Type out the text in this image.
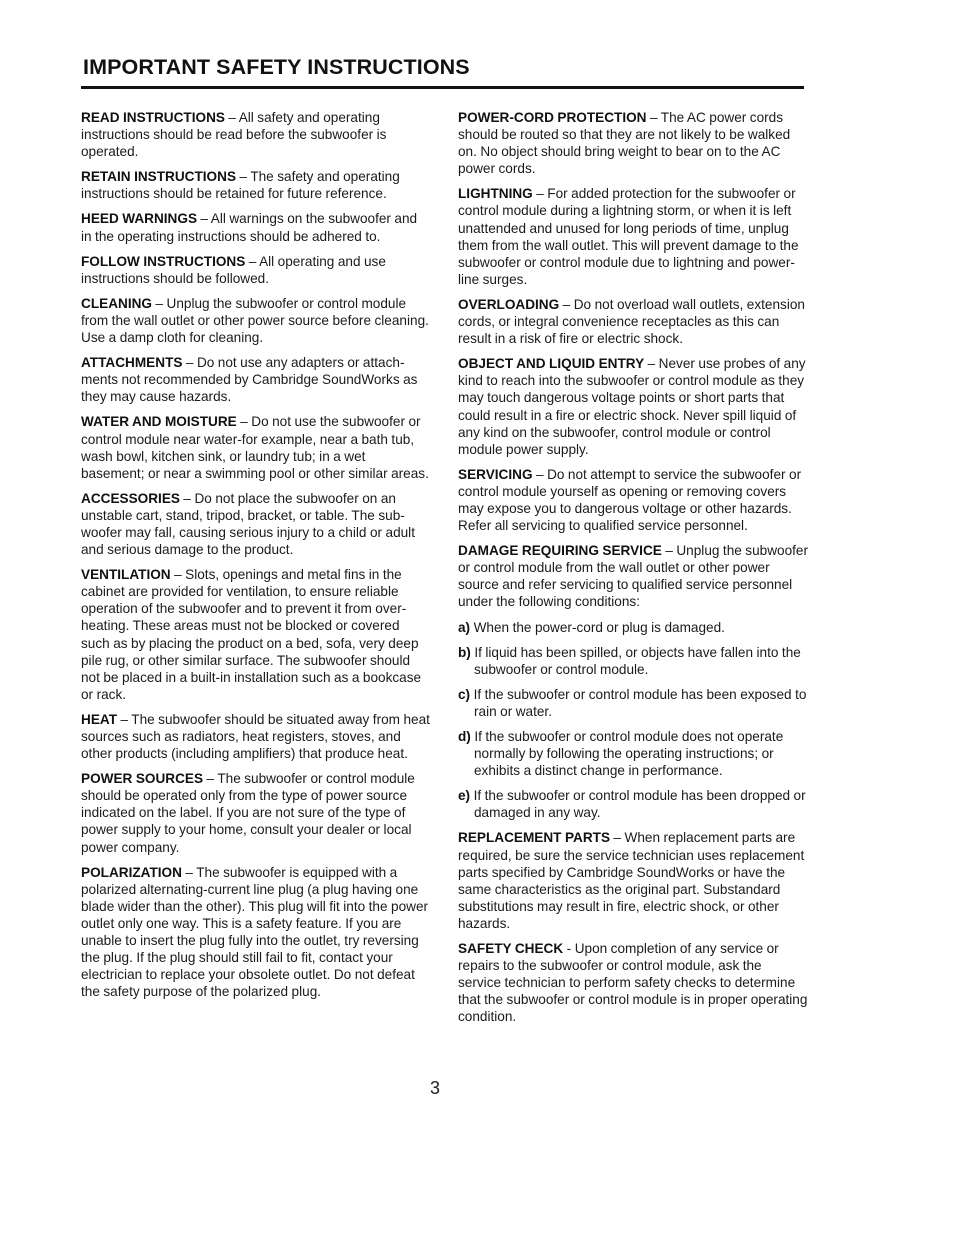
IMPORTANT SAFETY INSTRUCTIONS

READ INSTRUCTIONS – All safety and operating instructions should be read before the subwoofer is operated.

RETAIN INSTRUCTIONS – The safety and operating instructions should be retained for future reference.

HEED WARNINGS – All warnings on the subwoofer and in the operating instructions should be adhered to.

FOLLOW INSTRUCTIONS – All operating and use instructions should be followed.

CLEANING – Unplug the subwoofer or control module from the wall outlet or other power source before cleaning. Use a damp cloth for cleaning.

ATTACHMENTS – Do not use any adapters or attachments not recommended by Cambridge SoundWorks as they may cause hazards.

WATER AND MOISTURE – Do not use the subwoofer or control module near water-for example, near a bath tub, wash bowl, kitchen sink, or laundry tub; in a wet basement; or near a swimming pool or other similar areas.

ACCESSORIES – Do not place the subwoofer on an unstable cart, stand, tripod, bracket, or table. The subwoofer may fall, causing serious injury to a child or adult and serious damage to the product.

VENTILATION – Slots, openings and metal fins in the cabinet are provided for ventilation, to ensure reliable operation of the subwoofer and to prevent it from overheating. These areas must not be blocked or covered such as by placing the product on a bed, sofa, very deep pile rug, or other similar surface. The subwoofer should not be placed in a built-in installation such as a bookcase or rack.

HEAT – The subwoofer should be situated away from heat sources such as radiators, heat registers, stoves, and other products (including amplifiers) that produce heat.

POWER SOURCES – The subwoofer or control module should be operated only from the type of power source indicated on the label. If you are not sure of the type of power supply to your home, consult your dealer or local power company.

POLARIZATION – The subwoofer is equipped with a polarized alternating-current line plug (a plug having one blade wider than the other). This plug will fit into the power outlet only one way. This is a safety feature. If you are unable to insert the plug fully into the outlet, try reversing the plug. If the plug should still fail to fit, contact your electrician to replace your obsolete outlet. Do not defeat the safety purpose of the polarized plug.

POWER-CORD PROTECTION – The AC power cords should be routed so that they are not likely to be walked on. No object should bring weight to bear on to the AC power cords.

LIGHTNING – For added protection for the subwoofer or control module during a lightning storm, or when it is left unattended and unused for long periods of time, unplug them from the wall outlet. This will prevent damage to the subwoofer or control module due to lightning and power-line surges.

OVERLOADING – Do not overload wall outlets, extension cords, or integral convenience receptacles as this can result in a risk of fire or electric shock.

OBJECT AND LIQUID ENTRY – Never use probes of any kind to reach into the subwoofer or control module as they may touch dangerous voltage points or short parts that could result in a fire or electric shock. Never spill liquid of any kind on the subwoofer, control module or control module power supply.

SERVICING – Do not attempt to service the subwoofer or control module yourself as opening or removing covers may expose you to dangerous voltage or other hazards. Refer all servicing to qualified service personnel.

DAMAGE REQUIRING SERVICE – Unplug the subwoofer or control module from the wall outlet or other power source and refer servicing to qualified service personnel under the following conditions:

a) When the power-cord or plug is damaged.

b) If liquid has been spilled, or objects have fallen into the subwoofer or control module.

c) If the subwoofer or control module has been exposed to rain or water.

d) If the subwoofer or control module does not operate normally by following the operating instructions; or exhibits a distinct change in performance.

e) If the subwoofer or control module has been dropped or damaged in any way.

REPLACEMENT PARTS – When replacement parts are required, be sure the service technician uses replacement parts specified by Cambridge SoundWorks or have the same characteristics as the original part. Substandard substitutions may result in fire, electric shock, or other hazards.

SAFETY CHECK - Upon completion of any service or repairs to the subwoofer or control module, ask the service technician to perform safety checks to determine that the subwoofer or control module is in proper operating condition.

3
